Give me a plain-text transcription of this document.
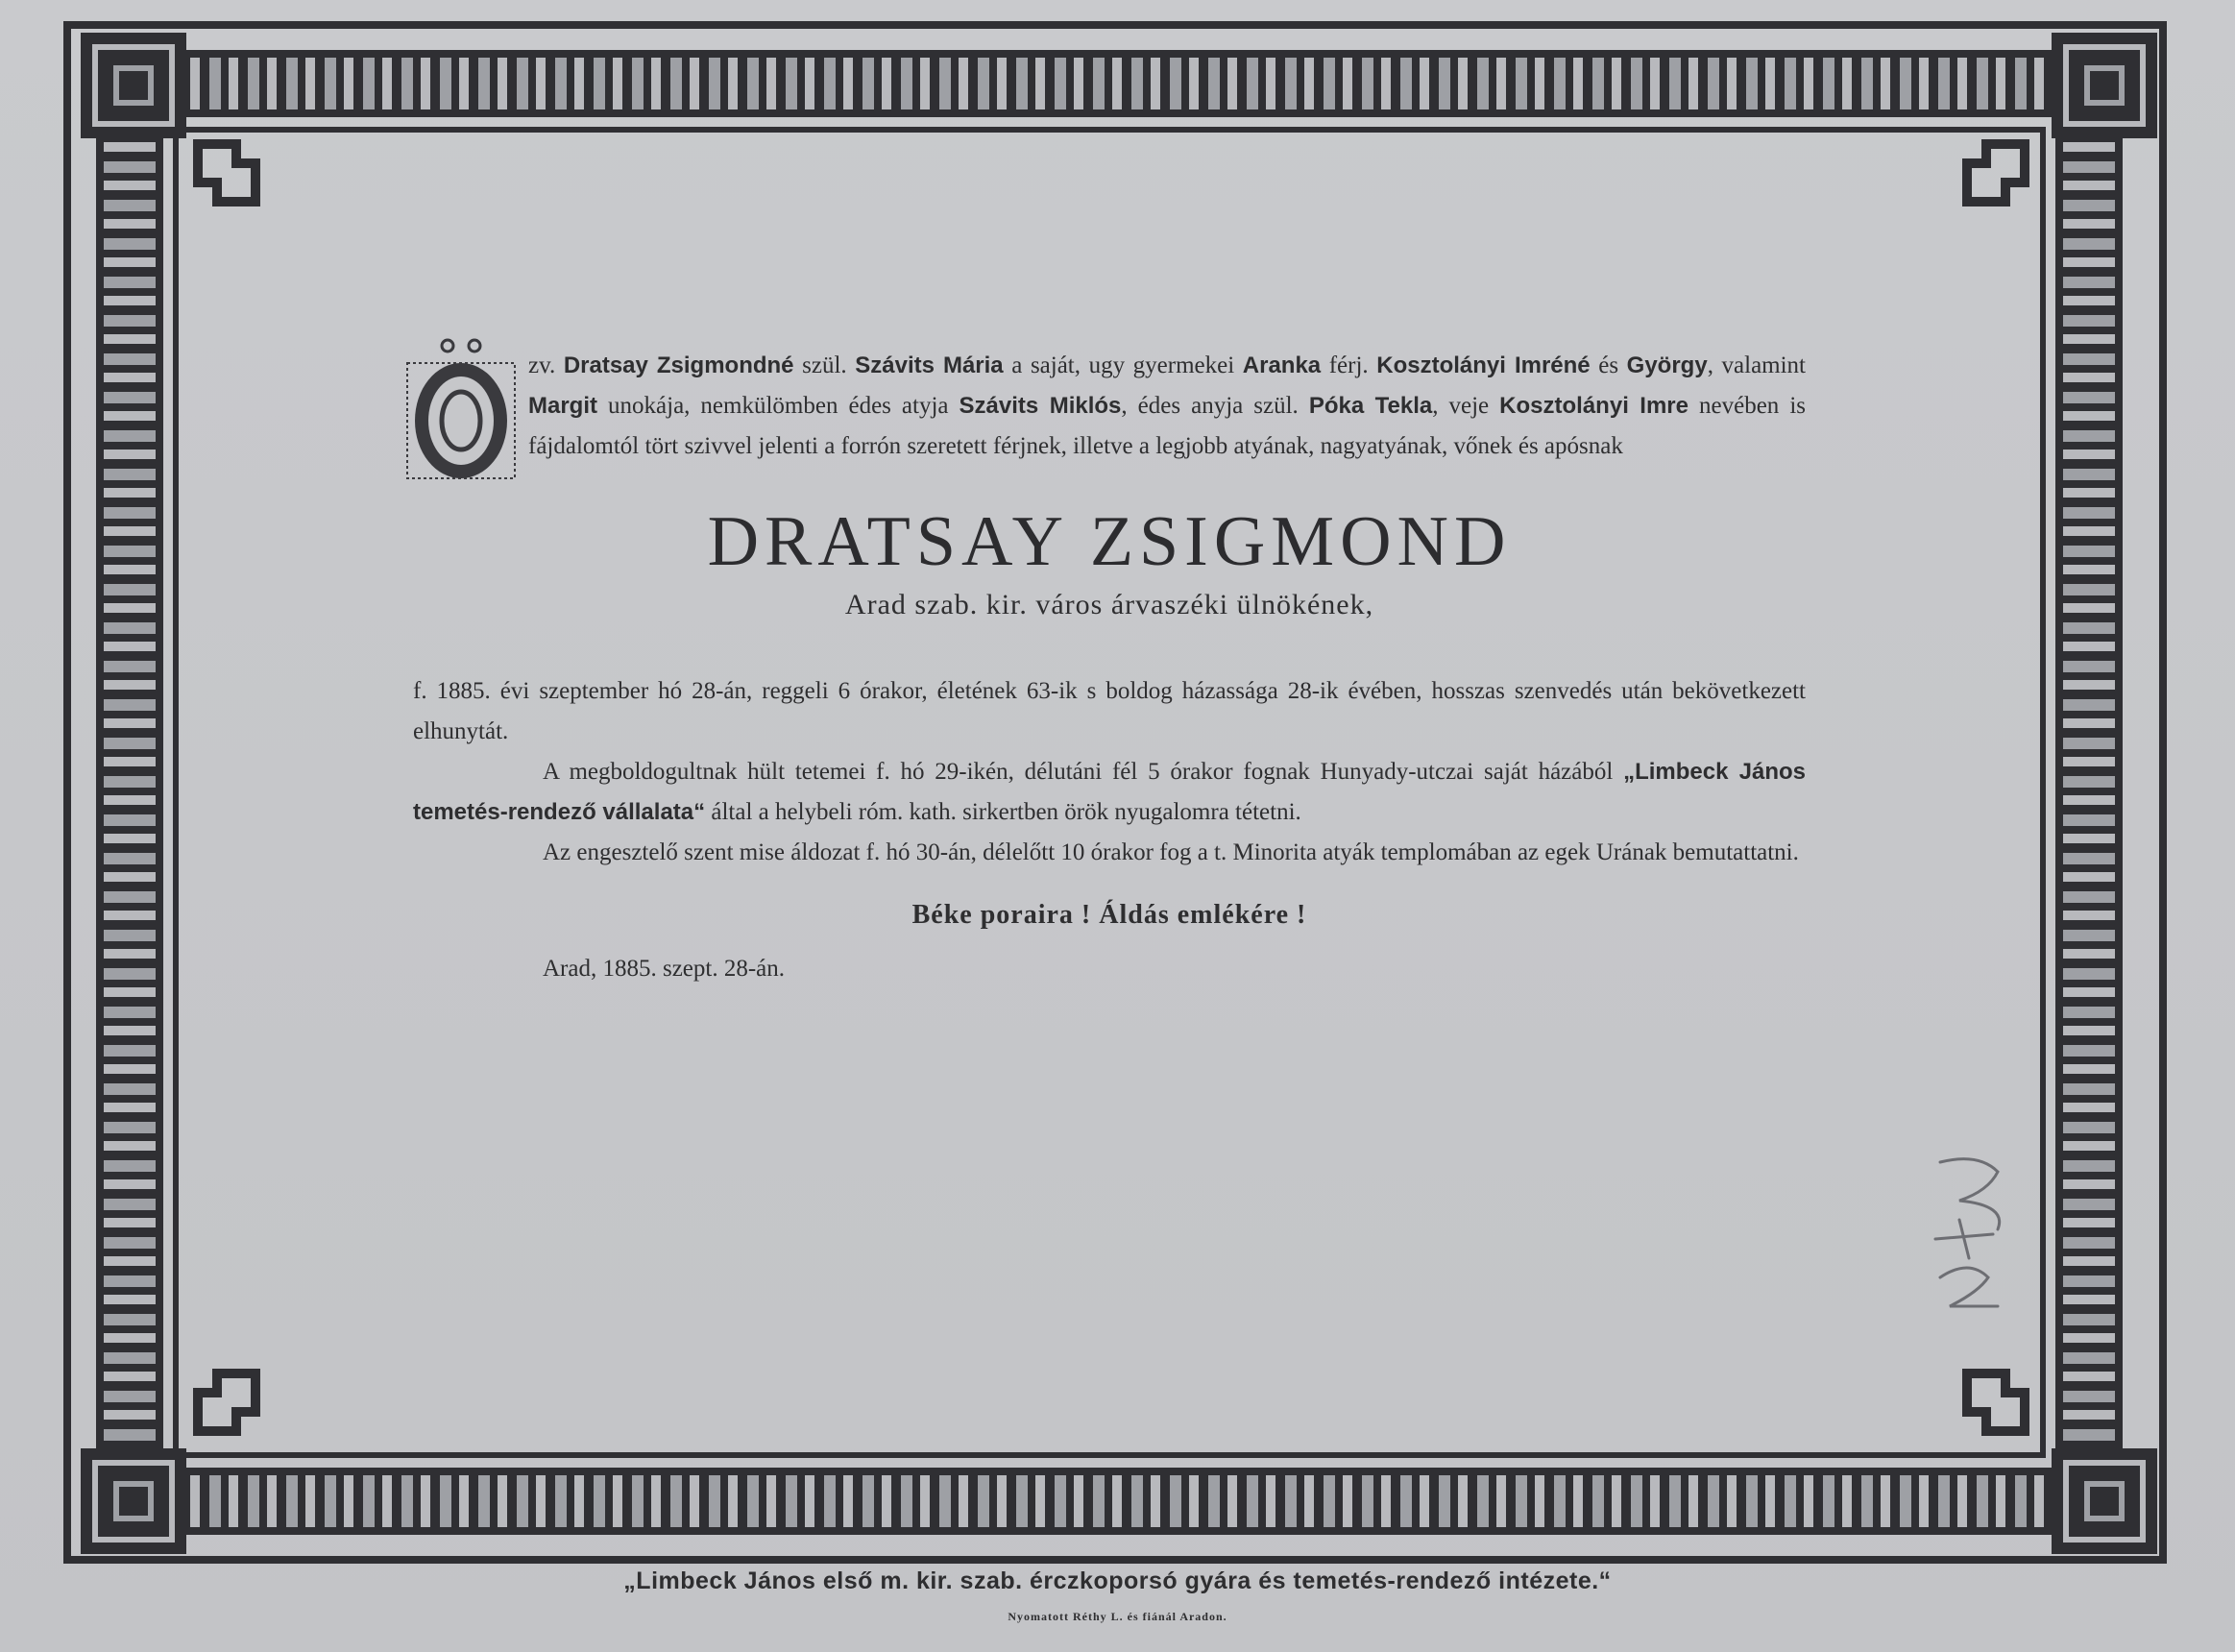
zv. Dratsay Zsigmondné szül. Szávits Mária a saját, ugy gyermekei Aranka férj. Kosztolányi Imréné és György, valamint Margit unokája, nemkülömben édes atyja Szávits Miklós, édes anyja szül. Póka Tekla, veje Kosztolányi Imre nevében is fájdalomtól tört szivvel jelenti a forrón szeretett férjnek, illetve a legjobb atyának, nagyatyának, vőnek és apósnak

DRATSAY ZSIGMOND
Arad szab. kir. város árvaszéki ülnökének,

f. 1885. évi szeptember hó 28-án, reggeli 6 órakor, életének 63-ik s boldog házassága 28-ik évében, hosszas szenvedés után bekövetkezett elhunytát.

A megboldogultnak hült tetemei f. hó 29-ikén, délutáni fél 5 órakor fognak Hunyady-utczai saját házából „Limbeck János temetés-rendező vállalata“ által a helybeli róm. kath. sirkertben örök nyugalomra tétetni.

Az engesztelő szent mise áldozat f. hó 30-án, délelőtt 10 órakor fog a t. Minorita atyák templomában az egek Urának bemutattatni.

Béke poraira ! Áldás emlékére !
Arad, 1885. szept. 28-án.
„Limbeck János első m. kir. szab. érczkoporsó gyára és temetés-rendező intézete.“
Nyomatott Réthy L. és fiánál Aradon.
